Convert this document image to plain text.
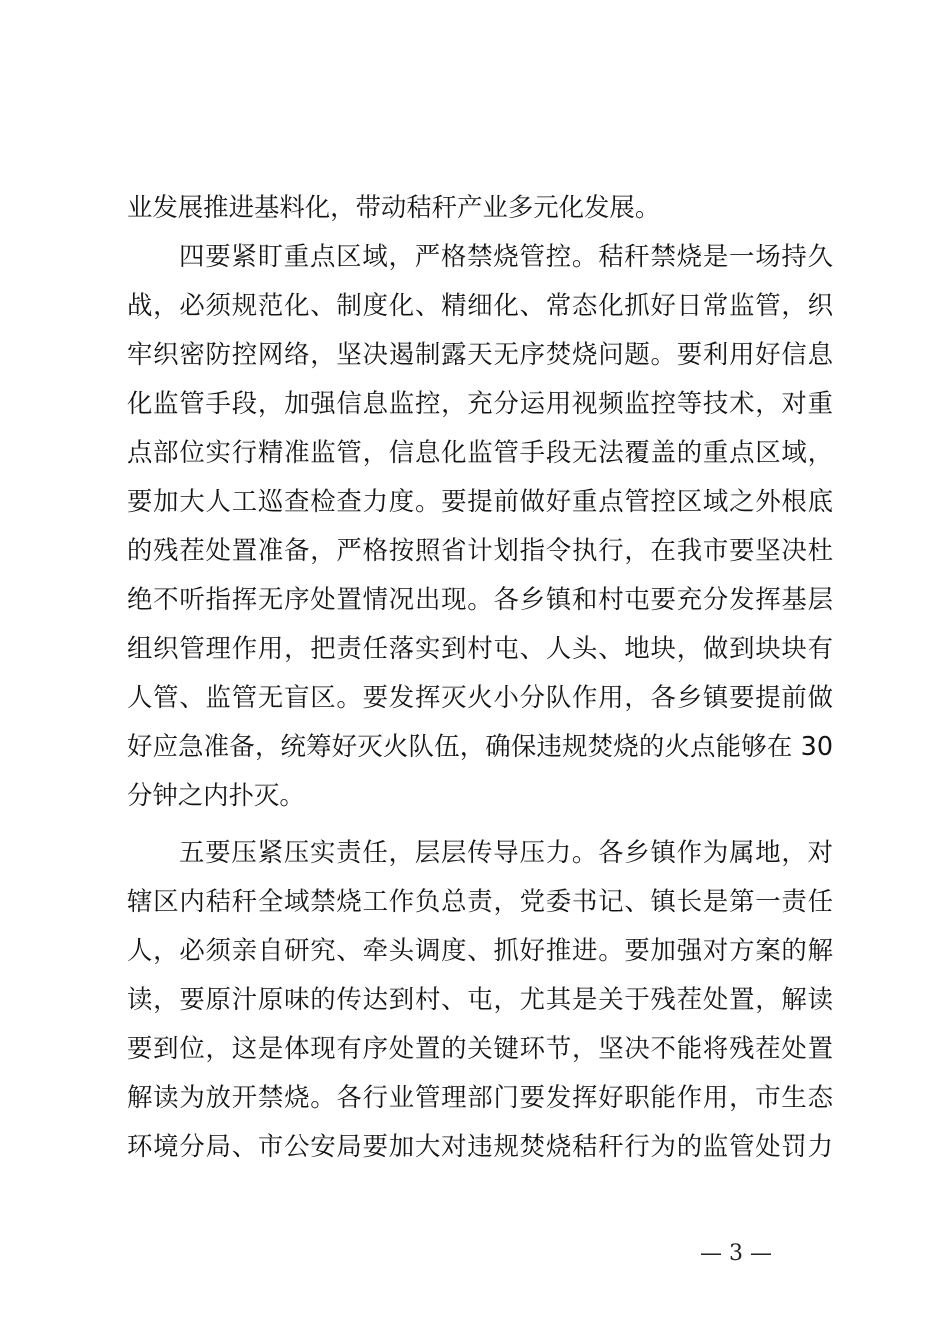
业发展推进基料化，带动秸秆产业多元化发展。
四要紧盯重点区域，严格禁烧管控。秸秆禁烧是一场持久
战，必须规范化、制度化、精细化、常态化抓好日常监管，织
牢织密防控网络，坚决遏制露天无序焚烧问题。要利用好信息
化监管手段，加强信息监控，充分运用视频监控等技术，对重
点部位实行精准监管，信息化监管手段无法覆盖的重点区域，
要加大人工巡查检查力度。要提前做好重点管控区域之外根底
的残茬处置准备，严格按照省计划指令执行，在我市要坚决杜
绝不听指挥无序处置情况出现。各乡镇和村屯要充分发挥基层
组织管理作用，把责任落实到村屯、人头、地块，做到块块有
人管、监管无盲区。要发挥灭火小分队作用，各乡镇要提前做
好应急准备，统筹好灭火队伍，确保违规焚烧的火点能够在 30
分钟之内扑灭。
五要压紧压实责任，层层传导压力。各乡镇作为属地，对
辖区内秸秆全域禁烧工作负总责，党委书记、镇长是第一责任
人，必须亲自研究、牵头调度、抓好推进。要加强对方案的解
读，要原汁原味的传达到村、屯，尤其是关于残茬处置，解读
要到位，这是体现有序处置的关键环节，坚决不能将残茬处置
解读为放开禁烧。各行业管理部门要发挥好职能作用，市生态
环境分局、市公安局要加大对违规焚烧秸秆行为的监管处罚力
— 3 —
